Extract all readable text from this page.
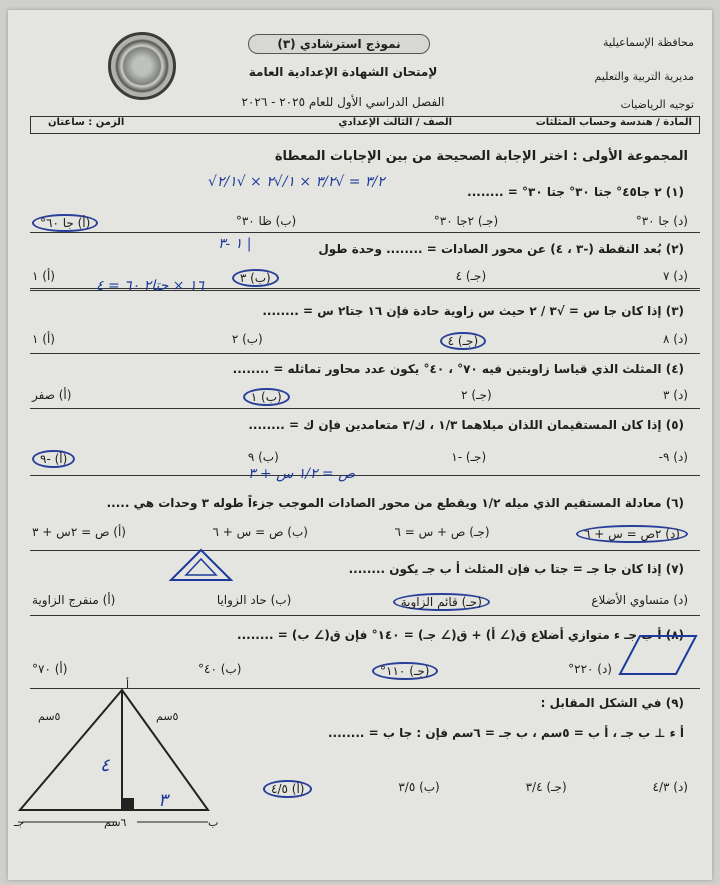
محافظة الإسماعيلية
مديرية التربية والتعليم
توجيه الرياضيات
نموذج استرشادي (٣)
لإمتحان الشهادة الإعدادية العامة
الفصل الدراسي الأول للعام ٢٠٢٥ - ٢٠٢٦
المادة / هندسة وحساب المثلثات
الصف / الثالث الإعدادي
الزمن : ساعتان
المجموعة الأولى : اختر الإجابة الصحيحة من بين الإجابات المعطاة
(١) ٢ جا٤٥° جتا ٣٠° جتا ٣٠° = ........
√٣/٢ = √٣/٢ × ١/√٢ × √٢/١
(أ) جا ٦٠°	(ب) ظا ٣٠°	(جـ) ٢جا ٣٠°	(د) جا ٣٠°
(٢) بُعد النقطة (-٣ ، ٤) عن محور الصادات = ........ وحدة طول
١ -٣ |
(أ) ١	(ب) ٣	(جـ) ٤	(د) ٧
(٣) إذا كان جا س = √٣ / ٢ حيث س زاوية حادة فإن ١٦ جتا٢ س = ........
١٦ × حتا٢ ٦٠ = ٤
(أ) ١	(ب) ٢	(جـ) ٤	(د) ٨
(٤) المثلث الذي قياسا زاويتين فيه ٧٠° ، ٤٠° يكون عدد محاور تماثله = ........
(أ) صفر	(ب) ١	(جـ) ٢	(د) ٣
(٥) إذا كان المستقيمان اللذان ميلاهما ١/٣ ، ك/٣ متعامدين فإن ك = ........
(أ) -٩	(ب) ٩	(جـ) -١	(د) ٩-
ص = ١/٢ س + ٣
(٦) معادلة المستقيم الذي ميله ١/٢ ويقطع من محور الصادات الموجب جزءاً طوله ٣ وحدات هي .....
(أ) ص = ٢س + ٣	(ب) ص = س + ٦	(جـ) ص + س = ٦	(د) ٢ص = س + ٦
(٧) إذا كان جا جـ = جتا ب فإن المثلث أ ب جـ يكون ........
(أ) منفرج الزاوية	(ب) حاد الزوايا	(جـ) قائم الزاوية	(د) متساوي الأضلاع
(٨) أ ب جـ ء متوازي أضلاع ق(∠ أ) + ق(∠ جـ) = ١٤٠° فإن ق(∠ ب) = ........
(أ) ٧٠°	(ب) ٤٠°	(جـ) ١١٠°	(د) ٢٢٠°
(٩) في الشكل المقابل :
أ ء ⊥ ب جـ ، أ ب = ٥سم ، ب جـ = ٦سم فإن : جا ب = ........
(أ) ٤/٥	(ب) ٣/٥	(جـ) ٣/٤	(د) ٤/٣
٥سم	٥سم
٦سم	ب
جـ
أ
٤
٣
